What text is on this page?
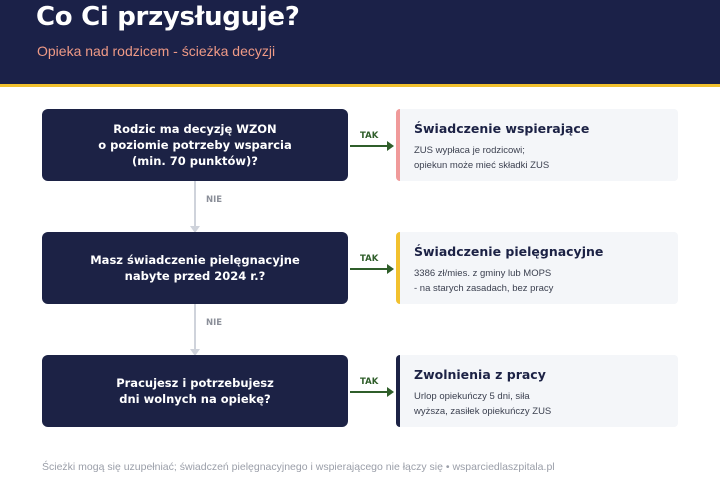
Co Ci przysługuje?

Opieka nad rodzicem - ścieżka decyzji

Rodzic ma decyzję WZON
o poziomie potrzeby wsparcia
(min. 70 punktów)?
TAK	Świadczenie wspierające

ZUS wypłaca je rodzicowi;
opiekun może mieć składki ZUS

NIE
Masz świadczenie pielęgnacyjne
nabyte przed 2024 r.?
TAK	Świadczenie pielęgnacyjne

3386 zł/mies. z gminy lub MOPS
- na starych zasadach, bez pracy

NIE
Pracujesz i potrzebujesz
dni wolnych na opiekę?
TAK	Zwolnienia z pracy

Urlop opiekuńczy 5 dni, siła
wyższa, zasiłek opiekuńczy ZUS

Ścieżki mogą się uzupełniać; świadczeń pielęgnacyjnego i wspierającego nie łączy się • wsparciedlaszpitala.pl
